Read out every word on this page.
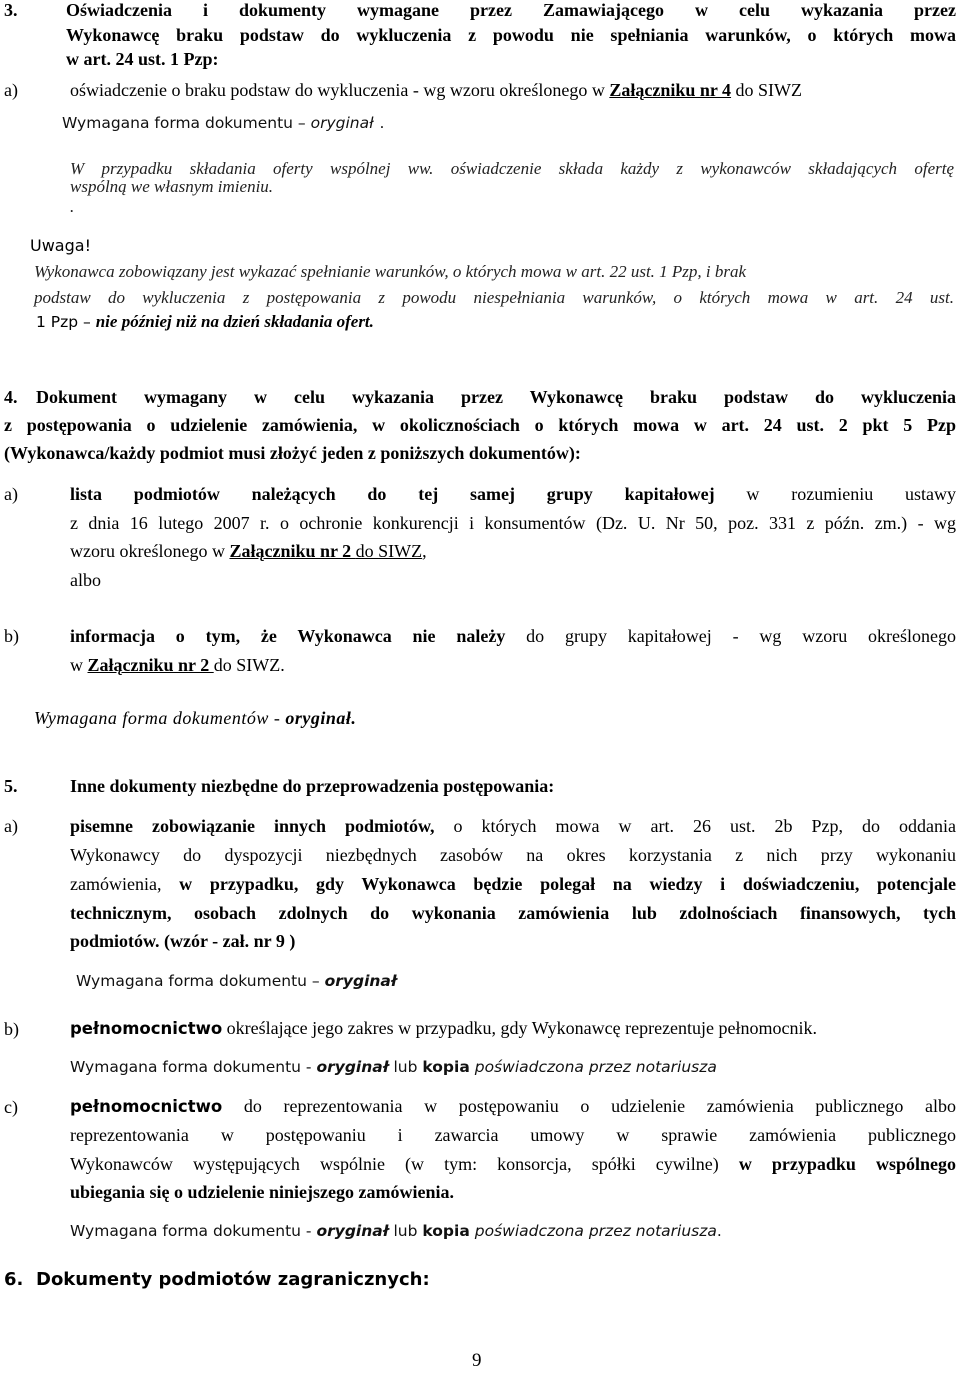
3.	Oświadczenia i dokumenty wymagane przez Zamawiającego w celu wykazania przez
Wykonawcę braku podstaw do wykluczenia z powodu nie spełniania warunków, o których mowa
w art. 24 ust. 1 Pzp:
a)	oświadczenie o braku podstaw do wykluczenia - wg wzoru określonego w Załączniku nr 4 do SIWZ
Wymagana forma dokumentu – oryginał .
W przypadku składania oferty wspólnej ww. oświadczenie składa każdy z wykonawców składających ofertę
wspólną we własnym imieniu.
.
Uwaga!
Wykonawca zobowiązany jest wykazać spełnianie warunków, o których mowa w art. 22 ust. 1 Pzp, i brak
podstaw do wykluczenia z postępowania z powodu niespełniania warunków, o których mowa w art. 24 ust.
1 Pzp – nie później niż na dzień składania ofert.
4. Dokument wymagany w celu wykazania przez Wykonawcę braku podstaw do wykluczenia
z postępowania o udzielenie zamówienia, w okolicznościach o których mowa w art. 24 ust. 2 pkt 5 Pzp
(Wykonawca/każdy podmiot musi złożyć jeden z poniższych dokumentów):
a)	lista podmiotów należących do tej samej grupy kapitałowej w rozumieniu ustawy
z dnia 16 lutego 2007 r. o ochronie konkurencji i konsumentów (Dz. U. Nr 50, poz. 331 z późn. zm.) - wg
wzoru określonego w Załączniku nr 2 do SIWZ,
albo
b)	informacja o tym, że Wykonawca nie należy do grupy kapitałowej - wg wzoru określonego
w Załączniku nr 2 do SIWZ.
Wymagana forma dokumentów - oryginał.
5.	Inne dokumenty niezbędne do przeprowadzenia postępowania:
a)	pisemne zobowiązanie innych podmiotów, o których mowa w art. 26 ust. 2b Pzp, do oddania
Wykonawcy do dyspozycji niezbędnych zasobów na okres korzystania z nich przy wykonaniu
zamówienia, w przypadku, gdy Wykonawca będzie polegał na wiedzy i doświadczeniu, potencjale
technicznym, osobach zdolnych do wykonania zamówienia lub zdolnościach finansowych, tych
podmiotów. (wzór - zał. nr 9 )
Wymagana forma dokumentu – oryginał
b)	pełnomocnictwo określające jego zakres w przypadku, gdy Wykonawcę reprezentuje pełnomocnik.
Wymagana forma dokumentu - oryginał lub kopia poświadczona przez notariusza
c)	pełnomocnictwo do reprezentowania w postępowaniu o udzielenie zamówienia publicznego albo
reprezentowania w postępowaniu i zawarcia umowy w sprawie zamówienia publicznego
Wykonawców występujących wspólnie (w tym: konsorcja, spółki cywilne) w przypadku wspólnego
ubiegania się o udzielenie niniejszego zamówienia.
Wymagana forma dokumentu - oryginał lub kopia poświadczona przez notariusza.
6. Dokumenty podmiotów zagranicznych:
9
